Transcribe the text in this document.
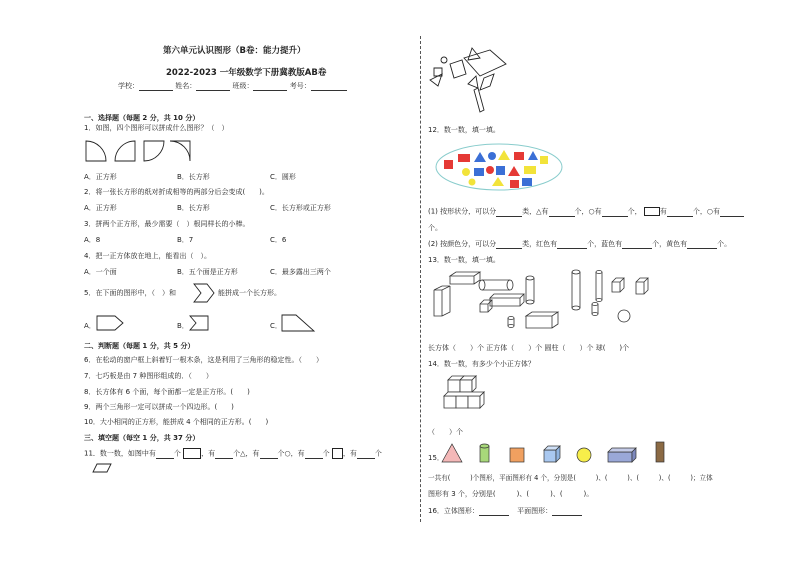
第六单元认识图形（B卷：能力提升）
2022-2023 一年级数学下册冀教版AB卷
学校：	姓名：	班级：	考号：
一、选择题（每题 2 分，共 10 分）
1．如图，四个图形可以拼成什么图形？（　）
A．正方形	B．长方形	C．圆形
2．将一张长方形的纸对折成相等的两部分后会变成(　　)。
A．正方形	B．长方形	C．长方形或正方形
3．拼两个正方形，最少需要（　）根同样长的小棒。
A．8	B．7	C．6
4．把一正方体放在地上，能看出（　）。
A．一个面	B．五个面是正方形	C．最多露出三两个
5．在下面的图形中，（　）和	能拼成一个长方形。
A．	B．	C．
二、判断题（每题 1 分，共 5 分）
6．在松动的窗户框上斜着钉一根木条，这是利用了三角形的稳定性。（　　）
7．七巧板是由 7 种图形组成的．（　　）
8．长方体有 6 个面，每个面都一定是正方形。(　　)
9．两个三角形一定可以拼成一个四边形。(　　)
10．大小相同的正方形，能拼成 4 个相同的正方形。(　　)
三、填空题（每空 1 分，共 37 分）
11．数一数，如图中有	个	，有	个△，有	个○，有	个 ，有	个
12．数一数，填一填。
(1) 按形状分，可以分	类，△有	个，○有	个，	有	个，○有
个。
(2) 按颜色分，可以分	类，红色有	个，蓝色有	个，黄色有	个。
13．数一数，填一填。
长方体（　　）个 正方体（　　）个 圆柱（　　）个 球(　　)个
14．数一数，有多少个小正方体？
（　　）个
15．
一共有(　　　)个图形，平面图形有 4 个，分别是(　　　)、(　　　)、(　　　)、(　　　)；立体
图形有 3 个，分别是(　　　)、(　　　)、(　　　)。
16．立体图形：	平面图形：
